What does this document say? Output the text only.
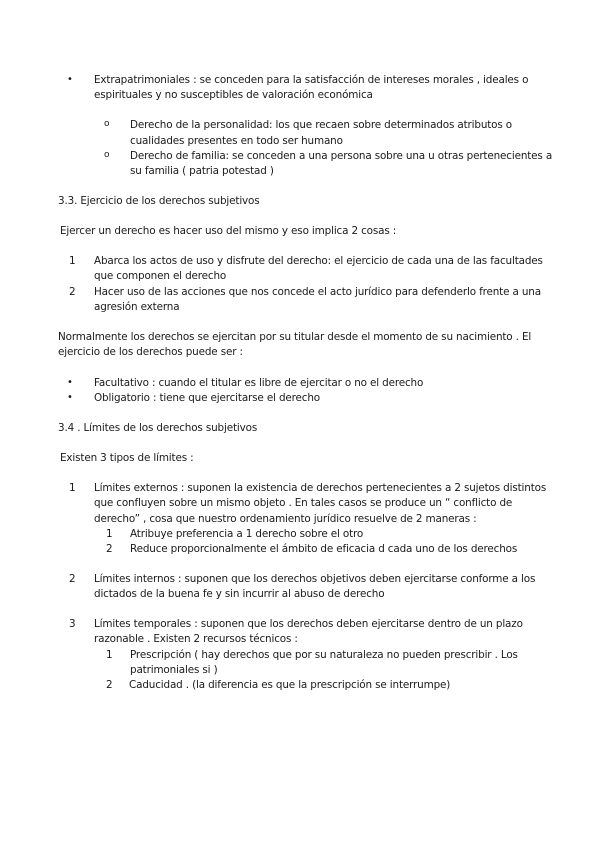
• Extrapatrimoniales : se conceden para la satisfacción de intereses morales , ideales o
espirituales y no susceptibles de valoración económica
o Derecho de la personalidad: los que recaen sobre determinados atributos o
cualidades presentes en todo ser humano
o Derecho de familia: se conceden a una persona sobre una u otras pertenecientes a
su familia ( patria potestad )
3.3. Ejercicio de los derechos subjetivos
Ejercer un derecho es hacer uso del mismo y eso implica 2 cosas :
1 Abarca los actos de uso y disfrute del derecho: el ejercicio de cada una de las facultades
que componen el derecho
2 Hacer uso de las acciones que nos concede el acto jurídico para defenderlo frente a una
agresión externa
Normalmente los derechos se ejercitan por su titular desde el momento de su nacimiento . El
ejercicio de los derechos puede ser :
• Facultativo : cuando el titular es libre de ejercitar o no el derecho
• Obligatorio : tiene que ejercitarse el derecho
3.4 . Límites de los derechos subjetivos
Existen 3 tipos de límites :
1 Límites externos : suponen la existencia de derechos pertenecientes a 2 sujetos distintos
que confluyen sobre un mismo objeto . En tales casos se produce un “ conflicto de
derecho” , cosa que nuestro ordenamiento jurídico resuelve de 2 maneras :
1 Atribuye preferencia a 1 derecho sobre el otro
2 Reduce proporcionalmente el ámbito de eficacia d cada uno de los derechos
2 Límites internos : suponen que los derechos objetivos deben ejercitarse conforme a los
dictados de la buena fe y sin incurrir al abuso de derecho
3 Límites temporales : suponen que los derechos deben ejercitarse dentro de un plazo
razonable . Existen 2 recursos técnicos :
1 Prescripción ( hay derechos que por su naturaleza no pueden prescribir . Los
patrimoniales si )
2 Caducidad . (la diferencia es que la prescripción se interrumpe)
